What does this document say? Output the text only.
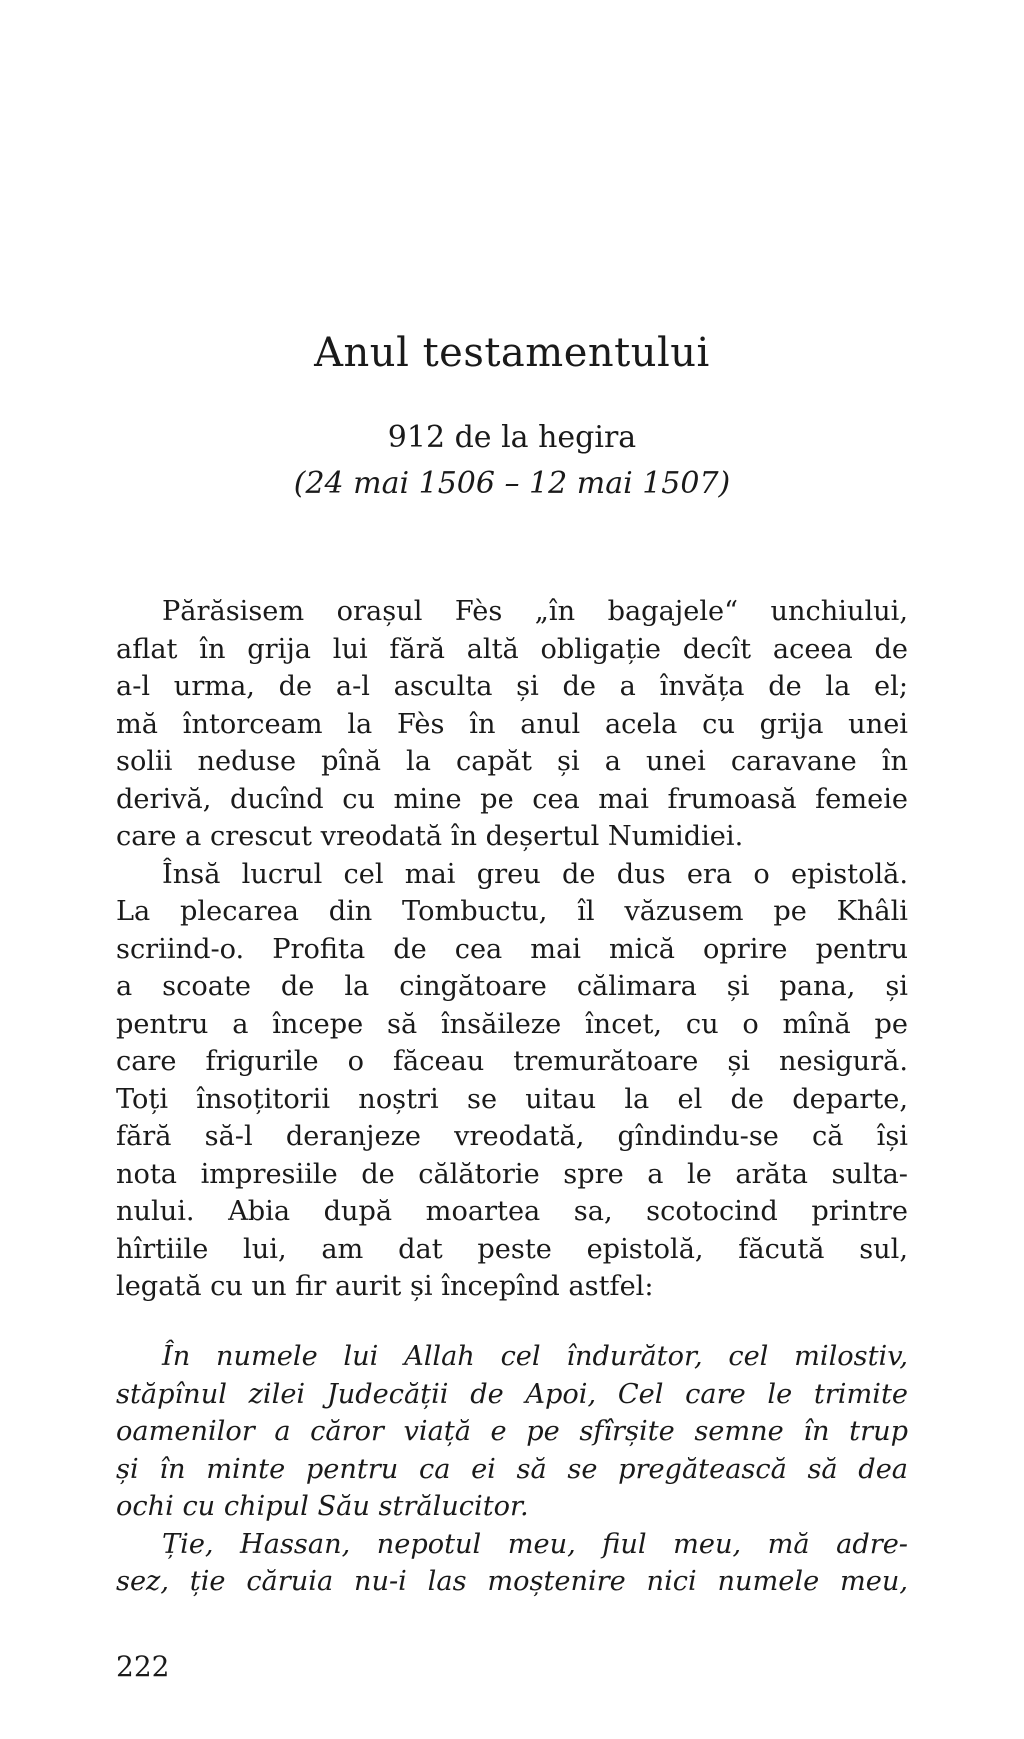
Anul testamentului

912 de la hegira

(24 mai 1506 – 12 mai 1507)

Părăsisem orașul Fès „în bagajele“ unchiului,
aflat în grija lui fără altă obligație decît aceea de
a-l urma, de a-l asculta și de a învăța de la el;
mă întorceam la Fès în anul acela cu grija unei
solii neduse pînă la capăt și a unei caravane în
derivă, ducînd cu mine pe cea mai frumoasă femeie
care a crescut vreodată în deșertul Numidiei.

Însă lucrul cel mai greu de dus era o epistolă.
La plecarea din Tombuctu, îl văzusem pe Khâli
scriind-o. Profita de cea mai mică oprire pentru
a scoate de la cingătoare călimara și pana, și
pentru a începe să însăileze încet, cu o mînă pe
care frigurile o făceau tremurătoare și nesigură.
Toți însoțitorii noștri se uitau la el de departe,
fără să-l deranjeze vreodată, gîndindu-se că își
nota impresiile de călătorie spre a le arăta sulta-
nului. Abia după moartea sa, scotocind printre
hîrtiile lui, am dat peste epistolă, făcută sul,
legată cu un fir aurit și începînd astfel:

În numele lui Allah cel îndurător, cel milostiv,
stăpînul zilei Judecății de Apoi, Cel care le trimite
oamenilor a căror viață e pe sfîrșite semne în trup
și în minte pentru ca ei să se pregătească să dea
ochi cu chipul Său strălucitor.

Ție, Hassan, nepotul meu, fiul meu, mă adre-
sez, ție căruia nu-i las moștenire nici numele meu,

222
